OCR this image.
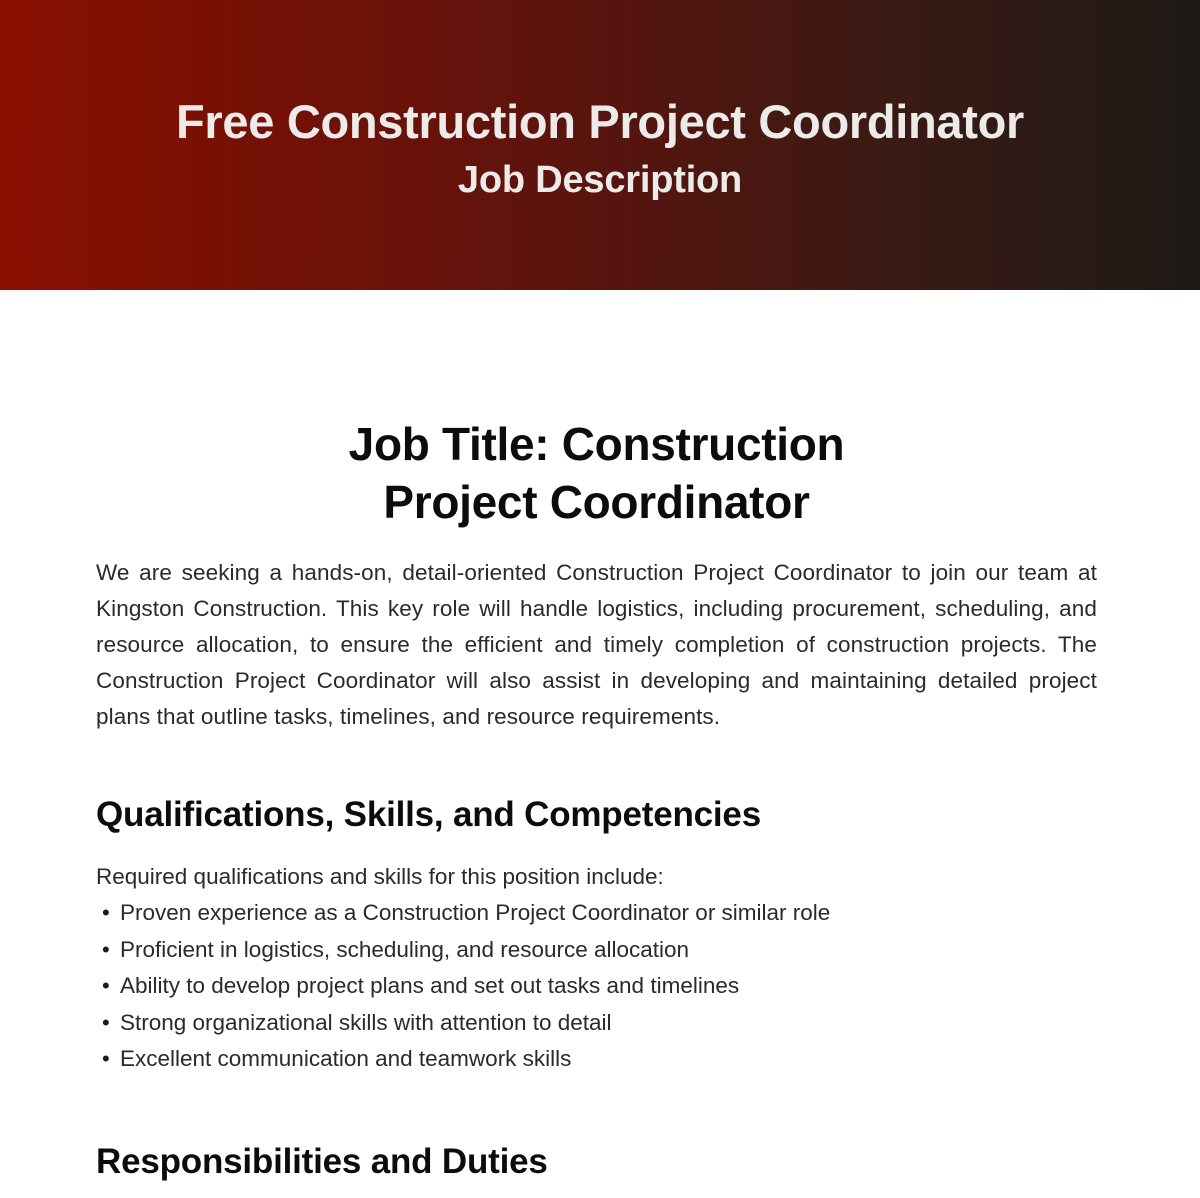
Free Construction Project Coordinator
Job Description
Job Title: Construction
Project Coordinator

We are seeking a hands-on, detail-oriented Construction Project Coordinator to join our team at Kingston Construction. This key role will handle logistics, including procurement, scheduling, and resource allocation, to ensure the efficient and timely completion of construction projects. The Construction Project Coordinator will also assist in developing and maintaining detailed project plans that outline tasks, timelines, and resource requirements.

Qualifications, Skills, and Competencies

Required qualifications and skills for this position include:

• Proven experience as a Construction Project Coordinator or similar role
• Proficient in logistics, scheduling, and resource allocation
• Ability to develop project plans and set out tasks and timelines
• Strong organizational skills with attention to detail
• Excellent communication and teamwork skills
Responsibilities and Duties
